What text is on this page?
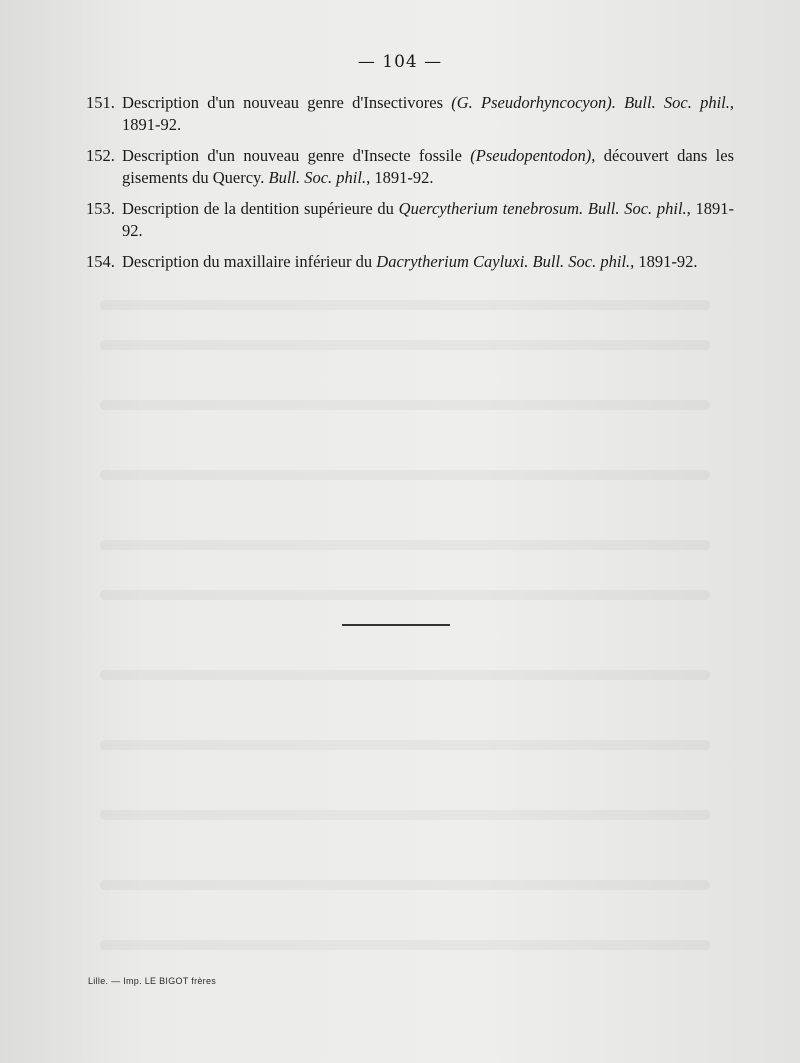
— 104 —

151. Description d'un nouveau genre d'Insectivores (G. Pseudorhyncocyon). Bull. Soc. phil., 1891-92.

152. Description d'un nouveau genre d'Insecte fossile (Pseudopentodon), découvert dans les gisements du Quercy. Bull. Soc. phil., 1891-92.

153. Description de la dentition supérieure du Quercytherium tenebrosum. Bull. Soc. phil., 1891-92.

154. Description du maxillaire inférieur du Dacrytherium Cayluxi. Bull. Soc. phil., 1891-92.

Lille. — Imp. LE BIGOT frères
